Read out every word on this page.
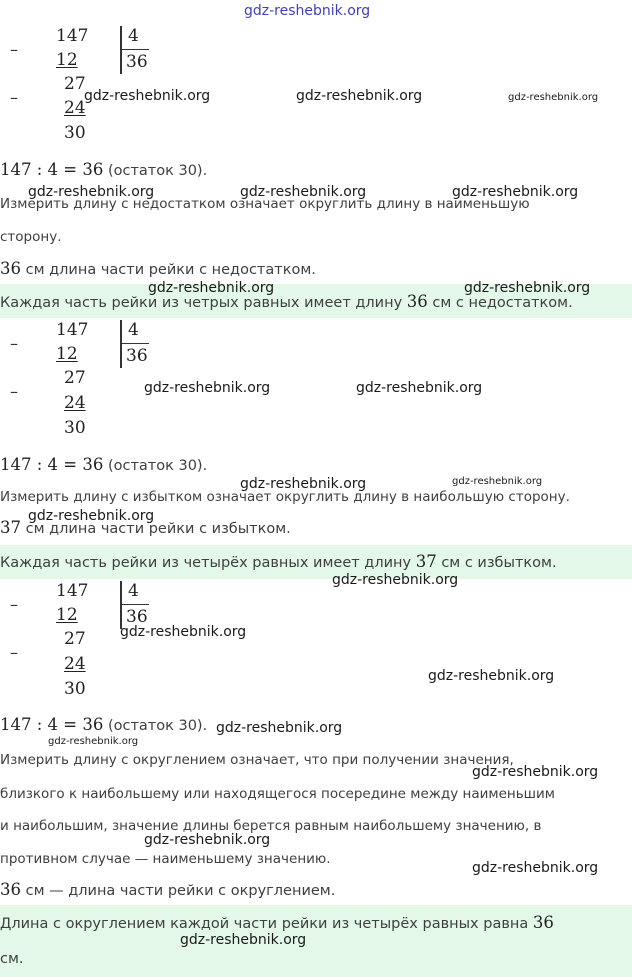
gdz-reshebnik.org
–
147
12
4
36
–
27
24
30
147 : 4 = 36 (остаток 30).
Измерить длину с недостатком означает округлить длину в наименьшую
сторону.
36 см длина части рейки с недостатком.
Каждая часть рейки из четрых равных имеет длину 36 см с недостатком.
–
147
12
4
36
–
27
24
30
147 : 4 = 36 (остаток 30).
Измерить длину с избытком означает округлить длину в наибольшую сторону.
37 см длина части рейки с избытком.
Каждая часть рейки из четырёх равных имеет длину 37 см с избытком.
–
147
12
4
36
–
27
24
30
147 : 4 = 36 (остаток 30).
Измерить длину с округлением означает, что при получении значения,
близкого к наибольшему или находящегося посередине между наименьшим
и наибольшим, значение длины берется равным наибольшему значению, в
противном случае — наименьшему значению.
36 см — длина части рейки с округлением.
Длина с округлением каждой части рейки из четырёх равных равна 36
см.
gdz-reshebnik.org	gdz-reshebnik.org	gdz-reshebnik.org
gdz-reshebnik.org	gdz-reshebnik.org	gdz-reshebnik.org
gdz-reshebnik.org	gdz-reshebnik.org
gdz-reshebnik.org	gdz-reshebnik.org
gdz-reshebnik.org	gdz-reshebnik.org
gdz-reshebnik.org
gdz-reshebnik.org
gdz-reshebnik.org
gdz-reshebnik.org
gdz-reshebnik.org
gdz-reshebnik.org
gdz-reshebnik.org
gdz-reshebnik.org
gdz-reshebnik.org
gdz-reshebnik.org
